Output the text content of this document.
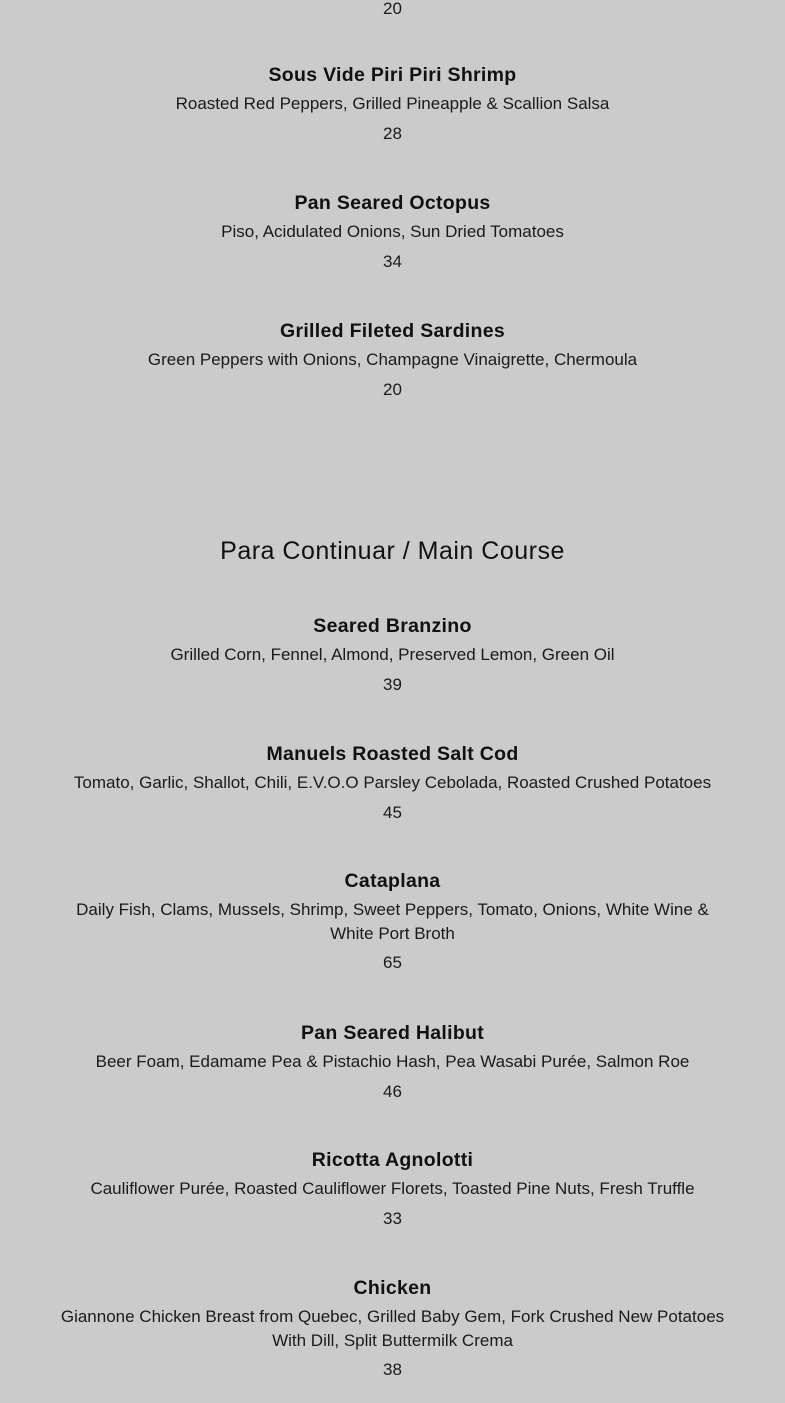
20
Sous Vide Piri Piri Shrimp
Roasted Red Peppers, Grilled Pineapple & Scallion Salsa
28
Pan Seared Octopus
Piso, Acidulated Onions, Sun Dried Tomatoes
34
Grilled Fileted Sardines
Green Peppers with Onions, Champagne Vinaigrette, Chermoula
20
Para Continuar / Main Course
Seared Branzino
Grilled Corn, Fennel, Almond, Preserved Lemon, Green Oil
39
Manuels Roasted Salt Cod
Tomato, Garlic, Shallot, Chili, E.V.O.O Parsley Cebolada, Roasted Crushed Potatoes
45
Cataplana
Daily Fish, Clams, Mussels, Shrimp, Sweet Peppers, Tomato, Onions, White Wine & White Port Broth
65
Pan Seared Halibut
Beer Foam, Edamame Pea & Pistachio Hash, Pea Wasabi Purée, Salmon Roe
46
Ricotta Agnolotti
Cauliflower Purée, Roasted Cauliflower Florets, Toasted Pine Nuts, Fresh Truffle
33
Chicken
Giannone Chicken Breast from Quebec, Grilled Baby Gem, Fork Crushed New Potatoes With Dill, Split Buttermilk Crema
38
